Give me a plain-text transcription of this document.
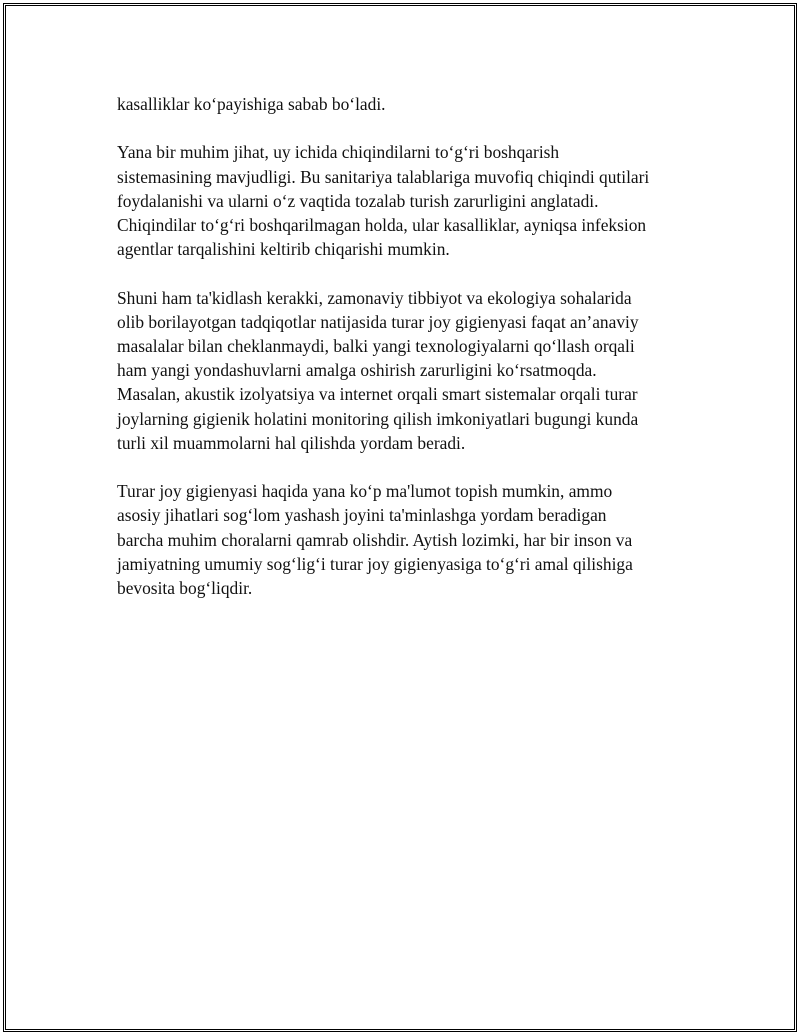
kasalliklar ko‘payishiga sabab bo‘ladi.
Yana bir muhim jihat, uy ichida chiqindilarni to‘g‘ri boshqarish
sistemasining mavjudligi. Bu sanitariya talablariga muvofiq chiqindi qutilari
foydalanishi va ularni o‘z vaqtida tozalab turish zarurligini anglatadi.
Chiqindilar to‘g‘ri boshqarilmagan holda, ular kasalliklar, ayniqsa infeksion
agentlar tarqalishini keltirib chiqarishi mumkin.
Shuni ham ta'kidlash kerakki, zamonaviy tibbiyot va ekologiya sohalarida
olib borilayotgan tadqiqotlar natijasida turar joy gigienyasi faqat an’anaviy
masalalar bilan cheklanmaydi, balki yangi texnologiyalarni qo‘llash orqali
ham yangi yondashuvlarni amalga oshirish zarurligini ko‘rsatmoqda.
Masalan, akustik izolyatsiya va internet orqali smart sistemalar orqali turar
joylarning gigienik holatini monitoring qilish imkoniyatlari bugungi kunda
turli xil muammolarni hal qilishda yordam beradi.
Turar joy gigienyasi haqida yana ko‘p ma'lumot topish mumkin, ammo
asosiy jihatlari sog‘lom yashash joyini ta'minlashga yordam beradigan
barcha muhim choralarni qamrab olishdir. Aytish lozimki, har bir inson va
jamiyatning umumiy sog‘lig‘i turar joy gigienyasiga to‘g‘ri amal qilishiga
bevosita bog‘liqdir.
